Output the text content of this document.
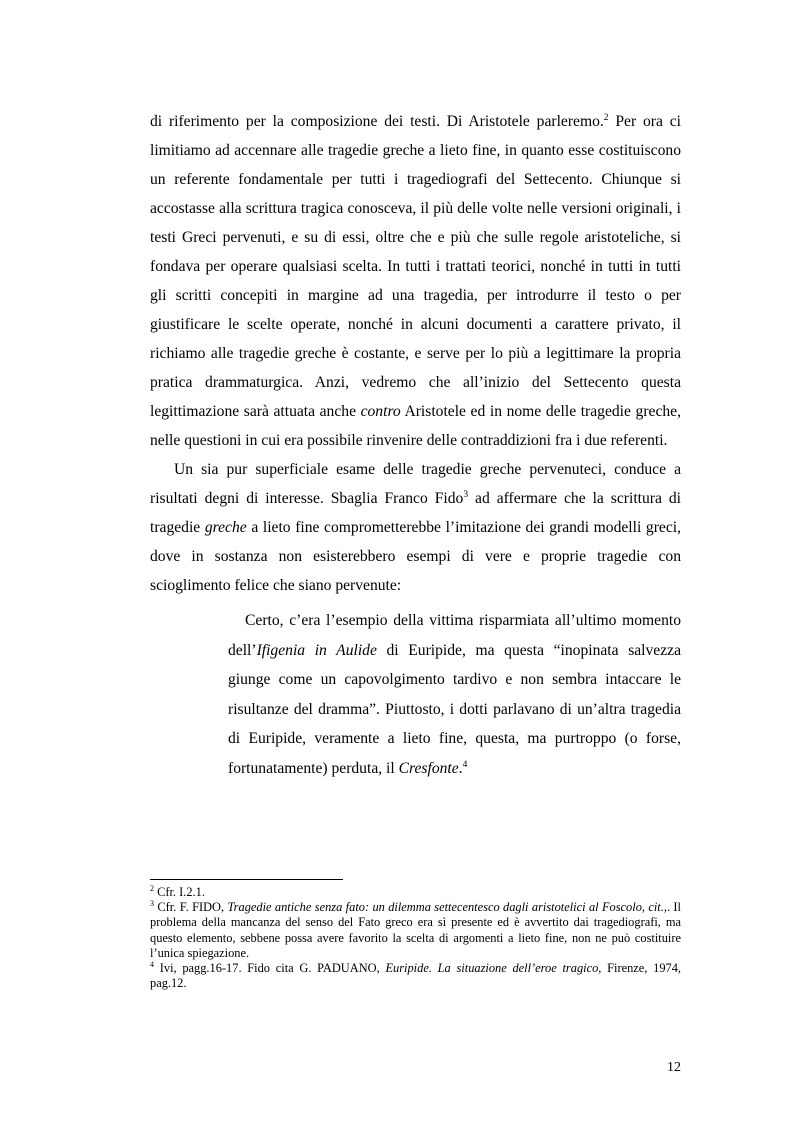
di riferimento per la composizione dei testi. Di Aristotele parleremo.$^2$ Per ora ci limitiamo ad accennare alle tragedie greche a lieto fine, in quanto esse costituiscono un referente fondamentale per tutti i tragediografi del Settecento. Chiunque si accostasse alla scrittura tragica conosceva, il più delle volte nelle versioni originali, i testi Greci pervenuti, e su di essi, oltre che e più che sulle regole aristoteliche, si fondava per operare qualsiasi scelta. In tutti i trattati teorici, nonché in tutti in tutti gli scritti concepiti in margine ad una tragedia, per introdurre il testo o per giustificare le scelte operate, nonché in alcuni documenti a carattere privato, il richiamo alle tragedie greche è costante, e serve per lo più a legittimare la propria pratica drammaturgica. Anzi, vedremo che all’inizio del Settecento questa legittimazione sarà attuata anche contro Aristotele ed in nome delle tragedie greche, nelle questioni in cui era possibile rinvenire delle contraddizioni fra i due referenti.

Un sia pur superficiale esame delle tragedie greche pervenuteci, conduce a risultati degni di interesse. Sbaglia Franco Fido$^3$ ad affermare che la scrittura di tragedie greche a lieto fine comprometterebbe l’imitazione dei grandi modelli greci, dove in sostanza non esisterebbero esempi di vere e proprie tragedie con scioglimento felice che siano pervenute:

Certo, c’era l’esempio della vittima risparmiata all’ultimo momento dell’Ifigenia in Aulide di Euripide, ma questa “inopinata salvezza giunge come un capovolgimento tardivo e non sembra intaccare le risultanze del dramma”. Piuttosto, i dotti parlavano di un’altra tragedia di Euripide, veramente a lieto fine, questa, ma purtroppo (o forse, fortunatamente) perduta, il Cresfonte.$^4$

$^2$ Cfr. I.2.1.

$^3$ Cfr. F. FIDO, Tragedie antiche senza fato: un dilemma settecentesco dagli aristotelici al Foscolo, cit.,. Il problema della mancanza del senso del Fato greco era sì presente ed è avvertito dai tragediografi, ma questo elemento, sebbene possa avere favorito la scelta di argomenti a lieto fine, non ne può costituire l’unica spiegazione.

$^4$ Ivi, pagg.16-17. Fido cita G. PADUANO, Euripide. La situazione dell’eroe tragico, Firenze, 1974, pag.12.

12
